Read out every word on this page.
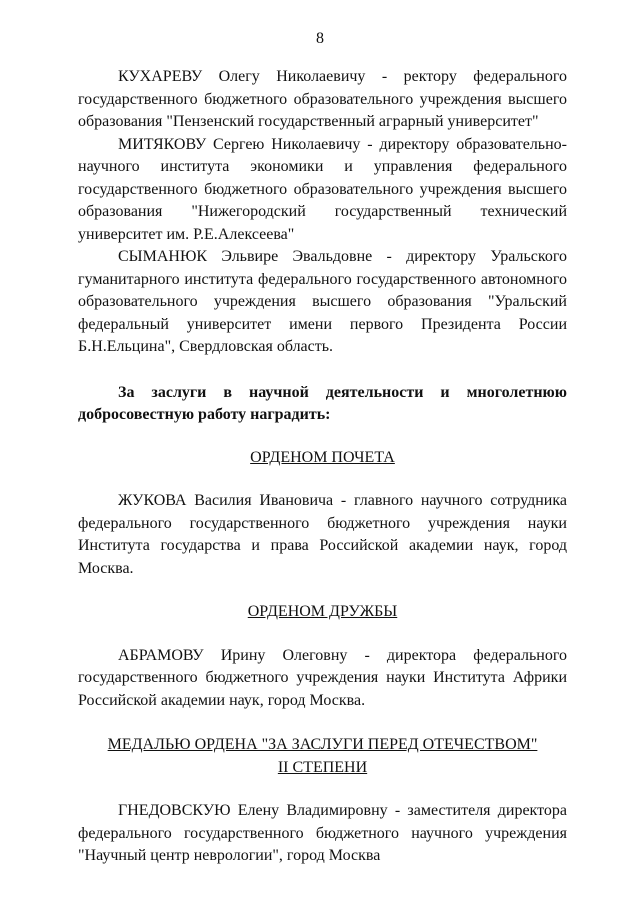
8

КУХАРЕВУ Олегу Николаевичу - ректору федерального государственного бюджетного образовательного учреждения высшего образования "Пензенский государственный аграрный университет"

МИТЯКОВУ Сергею Николаевичу - директору образовательно-научного института экономики и управления федерального государственного бюджетного образовательного учреждения высшего образования "Нижегородский государственный технический университет им. Р.Е.Алексеева"

СЫМАНЮК Эльвире Эвальдовне - директору Уральского гуманитарного института федерального государственного автономного образовательного учреждения высшего образования "Уральский федеральный университет имени первого Президента России Б.Н.Ельцина", Свердловская область.

За заслуги в научной деятельности и многолетнюю добросовестную работу наградить:

ОРДЕНОМ ПОЧЕТА

ЖУКОВА Василия Ивановича - главного научного сотрудника федерального государственного бюджетного учреждения науки Института государства и права Российской академии наук, город Москва.

ОРДЕНОМ ДРУЖБЫ

АБРАМОВУ Ирину Олеговну - директора федерального государственного бюджетного учреждения науки Института Африки Российской академии наук, город Москва.

МЕДАЛЬЮ ОРДЕНА "ЗА ЗАСЛУГИ ПЕРЕД ОТЕЧЕСТВОМ"

II СТЕПЕНИ

ГНЕДОВСКУЮ Елену Владимировну - заместителя директора федерального государственного бюджетного научного учреждения "Научный центр неврологии", город Москва
